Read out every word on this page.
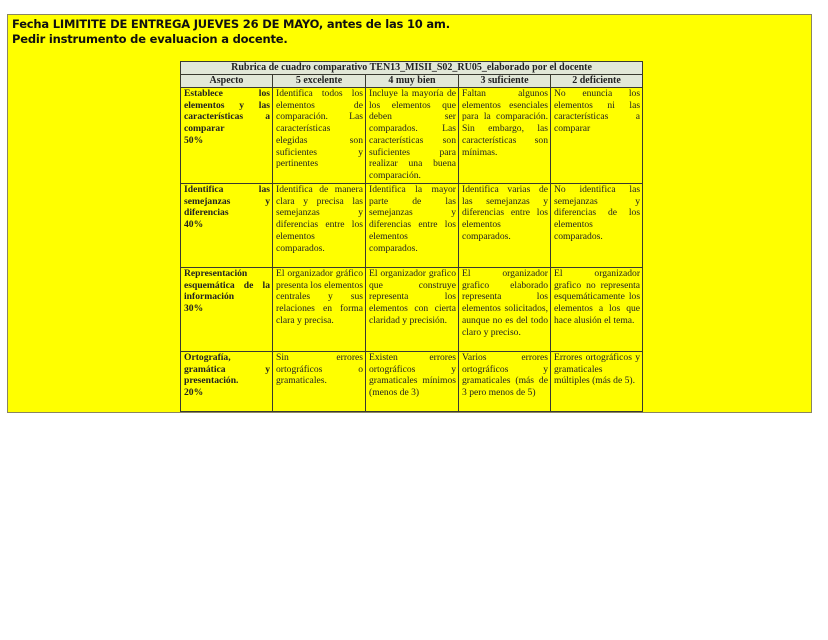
Fecha LIMITITE DE ENTREGA JUEVES 26 DE MAYO, antes de las 10 am.
Pedir instrumento de evaluacion a docente.
Rubrica de cuadro comparativo TEN13_MISII_S02_RU05_elaborado por el docente				
Aspecto	5 excelente	4 muy bien	3 suficiente	2 deficiente
Establece los elementos y las características a comparar
50%	Identifica todos los elementos de comparación. Las características elegidas son suficientes y pertinentes	Incluye la mayoría de los elementos que deben ser comparados. Las características son suficientes para realizar una buena comparación.	Faltan algunos elementos esenciales para la comparación. Sin embargo, las características son mínimas.	No enuncia los elementos ni las características a comparar
Identifica las semejanzas y diferencias
40%	Identifica de manera clara y precisa las semejanzas y diferencias entre los elementos comparados.	Identifica la mayor parte de las semejanzas y diferencias entre los elementos comparados.	Identifica varias de las semejanzas y diferencias entre los elementos comparados.	No identifica las semejanzas y diferencias de los elementos comparados.
Representación esquemática de la información
30%	El organizador gráfico presenta los elementos centrales y sus relaciones en forma clara y precisa.	El organizador grafico que construye representa los elementos con cierta claridad y precisión.	El organizador grafico elaborado representa los elementos solicitados, aunque no es del todo claro y preciso.	El organizador grafico no representa esquemáticamente los elementos a los que hace alusión el tema.
Ortografía, gramática y presentación.
20%	Sin errores ortográficos o gramaticales.	Existen errores ortográficos y gramaticales mínimos (menos de 3)	Varios errores ortográficos y gramaticales (más de 3 pero menos de 5)	Errores ortográficos y gramaticales múltiples (más de 5).
